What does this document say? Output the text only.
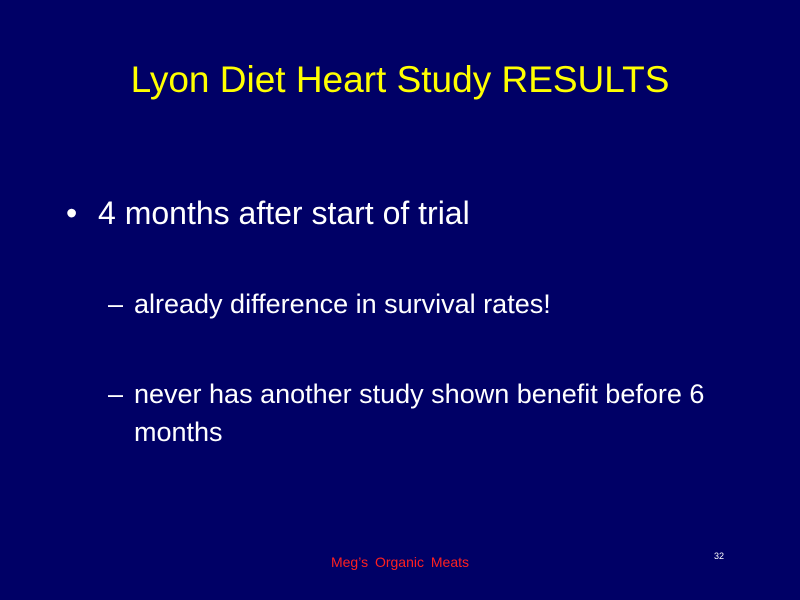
Lyon Diet Heart Study RESULTS
• 4 months after start of trial
– already difference in survival rates!
– never has another study shown benefit before 6 months
Meg’s Organic Meats	32
